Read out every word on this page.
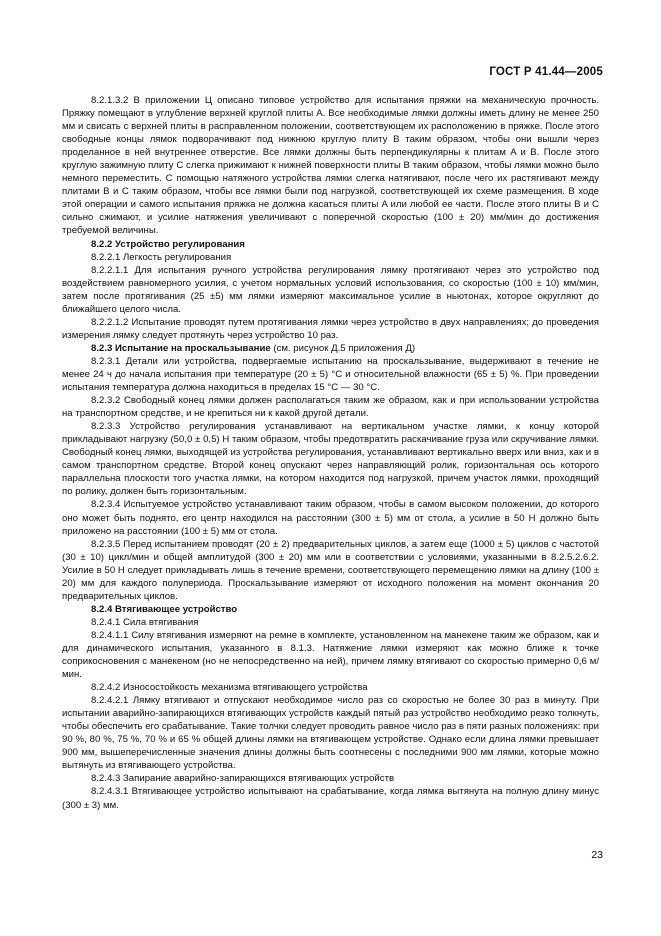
ГОСТ Р 41.44—2005

8.2.1.3.2 В приложении Ц описано типовое устройство для испытания пряжки на механическую прочность. Пряжку помещают в углубление верхней круглой плиты A. Все необходимые лямки должны иметь длину не менее 250 мм и свисать с верхней плиты в расправленном положении, соответствующем их расположению в пряжке. После этого свободные концы лямок подворачивают под нижнюю круглую плиту B таким образом, чтобы они вышли через проделанное в ней внутреннее отверстие. Все лямки должны быть перпендикулярны к плитам A и B. После этого круглую зажимную плиту C слегка прижимают к нижней поверхности плиты B таким образом, чтобы лямки можно было немного переместить. С помощью натяжного устройства лямки слегка натягивают, после чего их растягивают между плитами B и C таким образом, чтобы все лямки были под нагрузкой, соответствующей их схеме размещения. В ходе этой операции и самого испытания пряжка не должна касаться плиты A или любой ее части. После этого плиты B и C сильно сжимают, и усилие натяжения увеличивают с поперечной скоростью (100 ± 20) мм/мин до достижения требуемой величины.

8.2.2 Устройство регулирования

8.2.2.1 Легкость регулирования

8.2.2.1.1 Для испытания ручного устройства регулирования лямку протягивают через это устройство под воздействием равномерного усилия, с учетом нормальных условий использования, со скоростью (100 ± 10) мм/мин, затем после протягивания (25 ±5) мм лямки измеряют максимальное усилие в ньютонах, которое округляют до ближайшего целого числа.

8.2.2.1.2 Испытание проводят путем протягивания лямки через устройство в двух направлениях; до проведения измерения лямку следует протянуть через устройство 10 раз.

8.2.3 Испытание на проскальзывание (см. рисунок Д.5 приложения Д)

8.2.3.1 Детали или устройства, подвергаемые испытанию на проскальзывание, выдерживают в течение не менее 24 ч до начала испытания при температуре (20 ± 5) °С и относительной влажности (65 ± 5) %. При проведении испытания температура должна находиться в пределах 15 °С — 30 °С.

8.2.3.2 Свободный конец лямки должен располагаться таким же образом, как и при использовании устройства на транспортном средстве, и не крепиться ни к какой другой детали.

8.2.3.3 Устройство регулирования устанавливают на вертикальном участке лямки, к концу которой прикладывают нагрузку (50,0 ± 0,5) Н таким образом, чтобы предотвратить раскачивание груза или скручивание лямки. Свободный конец лямки, выходящей из устройства регулирования, устанавливают вертикально вверх или вниз, как и в самом транспортном средстве. Второй конец опускают через направляющий ролик, горизонтальная ось которого параллельна плоскости того участка лямки, на котором находится под нагрузкой, причем участок лямки, проходящий по ролику, должен быть горизонтальным.

8.2.3.4 Испытуемое устройство устанавливают таким образом, чтобы в самом высоком положении, до которого оно может быть поднято, его центр находился на расстоянии (300 ± 5) мм от стола, а усилие в 50 Н должно быть приложено на расстоянии (100 ± 5) мм от стола.

8.2.3.5 Перед испытанием проводят (20 ± 2) предварительных циклов, а затем еще (1000 ± 5) циклов с частотой (30 ± 10) цикл/мин и общей амплитудой (300 ± 20) мм или в соответствии с условиями, указанными в 8.2.5.2.6.2. Усилие в 50 Н следует прикладывать лишь в течение времени, соответствующего перемещению лямки на длину (100 ± 20) мм для каждого полупериода. Проскальзывание измеряют от исходного положения на момент окончания 20 предварительных циклов.

8.2.4 Втягивающее устройство

8.2.4.1 Сила втягивания

8.2.4.1.1 Силу втягивания измеряют на ремне в комплекте, установленном на манекене таким же образом, как и для динамического испытания, указанного в 8.1.3. Натяжение лямки измеряют как можно ближе к точке соприкосновения с манекеном (но не непосредственно на ней), причем лямку втягивают со скоростью примерно 0,6 м/мин.

8.2.4.2 Износостойкость механизма втягивающего устройства

8.2.4.2.1 Лямку втягивают и отпускают необходимое число раз со скоростью не более 30 раз в минуту. При испытании аварийно-запирающихся втягивающих устройств каждый пятый раз устройство необходимо резко толкнуть, чтобы обеспечить его срабатывание. Такие толчки следует проводить равное число раз в пяти разных положениях: при 90 %, 80 %, 75 %, 70 % и 65 % общей длины лямки на втягивающем устройстве. Однако если длина лямки превышает 900 мм, вышеперечисленные значения длины должны быть соотнесены с последними 900 мм лямки, которые можно вытянуть из втягивающего устройства.

8.2.4.3 Запирание аварийно-запирающихся втягивающих устройств

8.2.4.3.1 Втягивающее устройство испытывают на срабатывание, когда лямка вытянута на полную длину минус (300 ± 3) мм.

23
